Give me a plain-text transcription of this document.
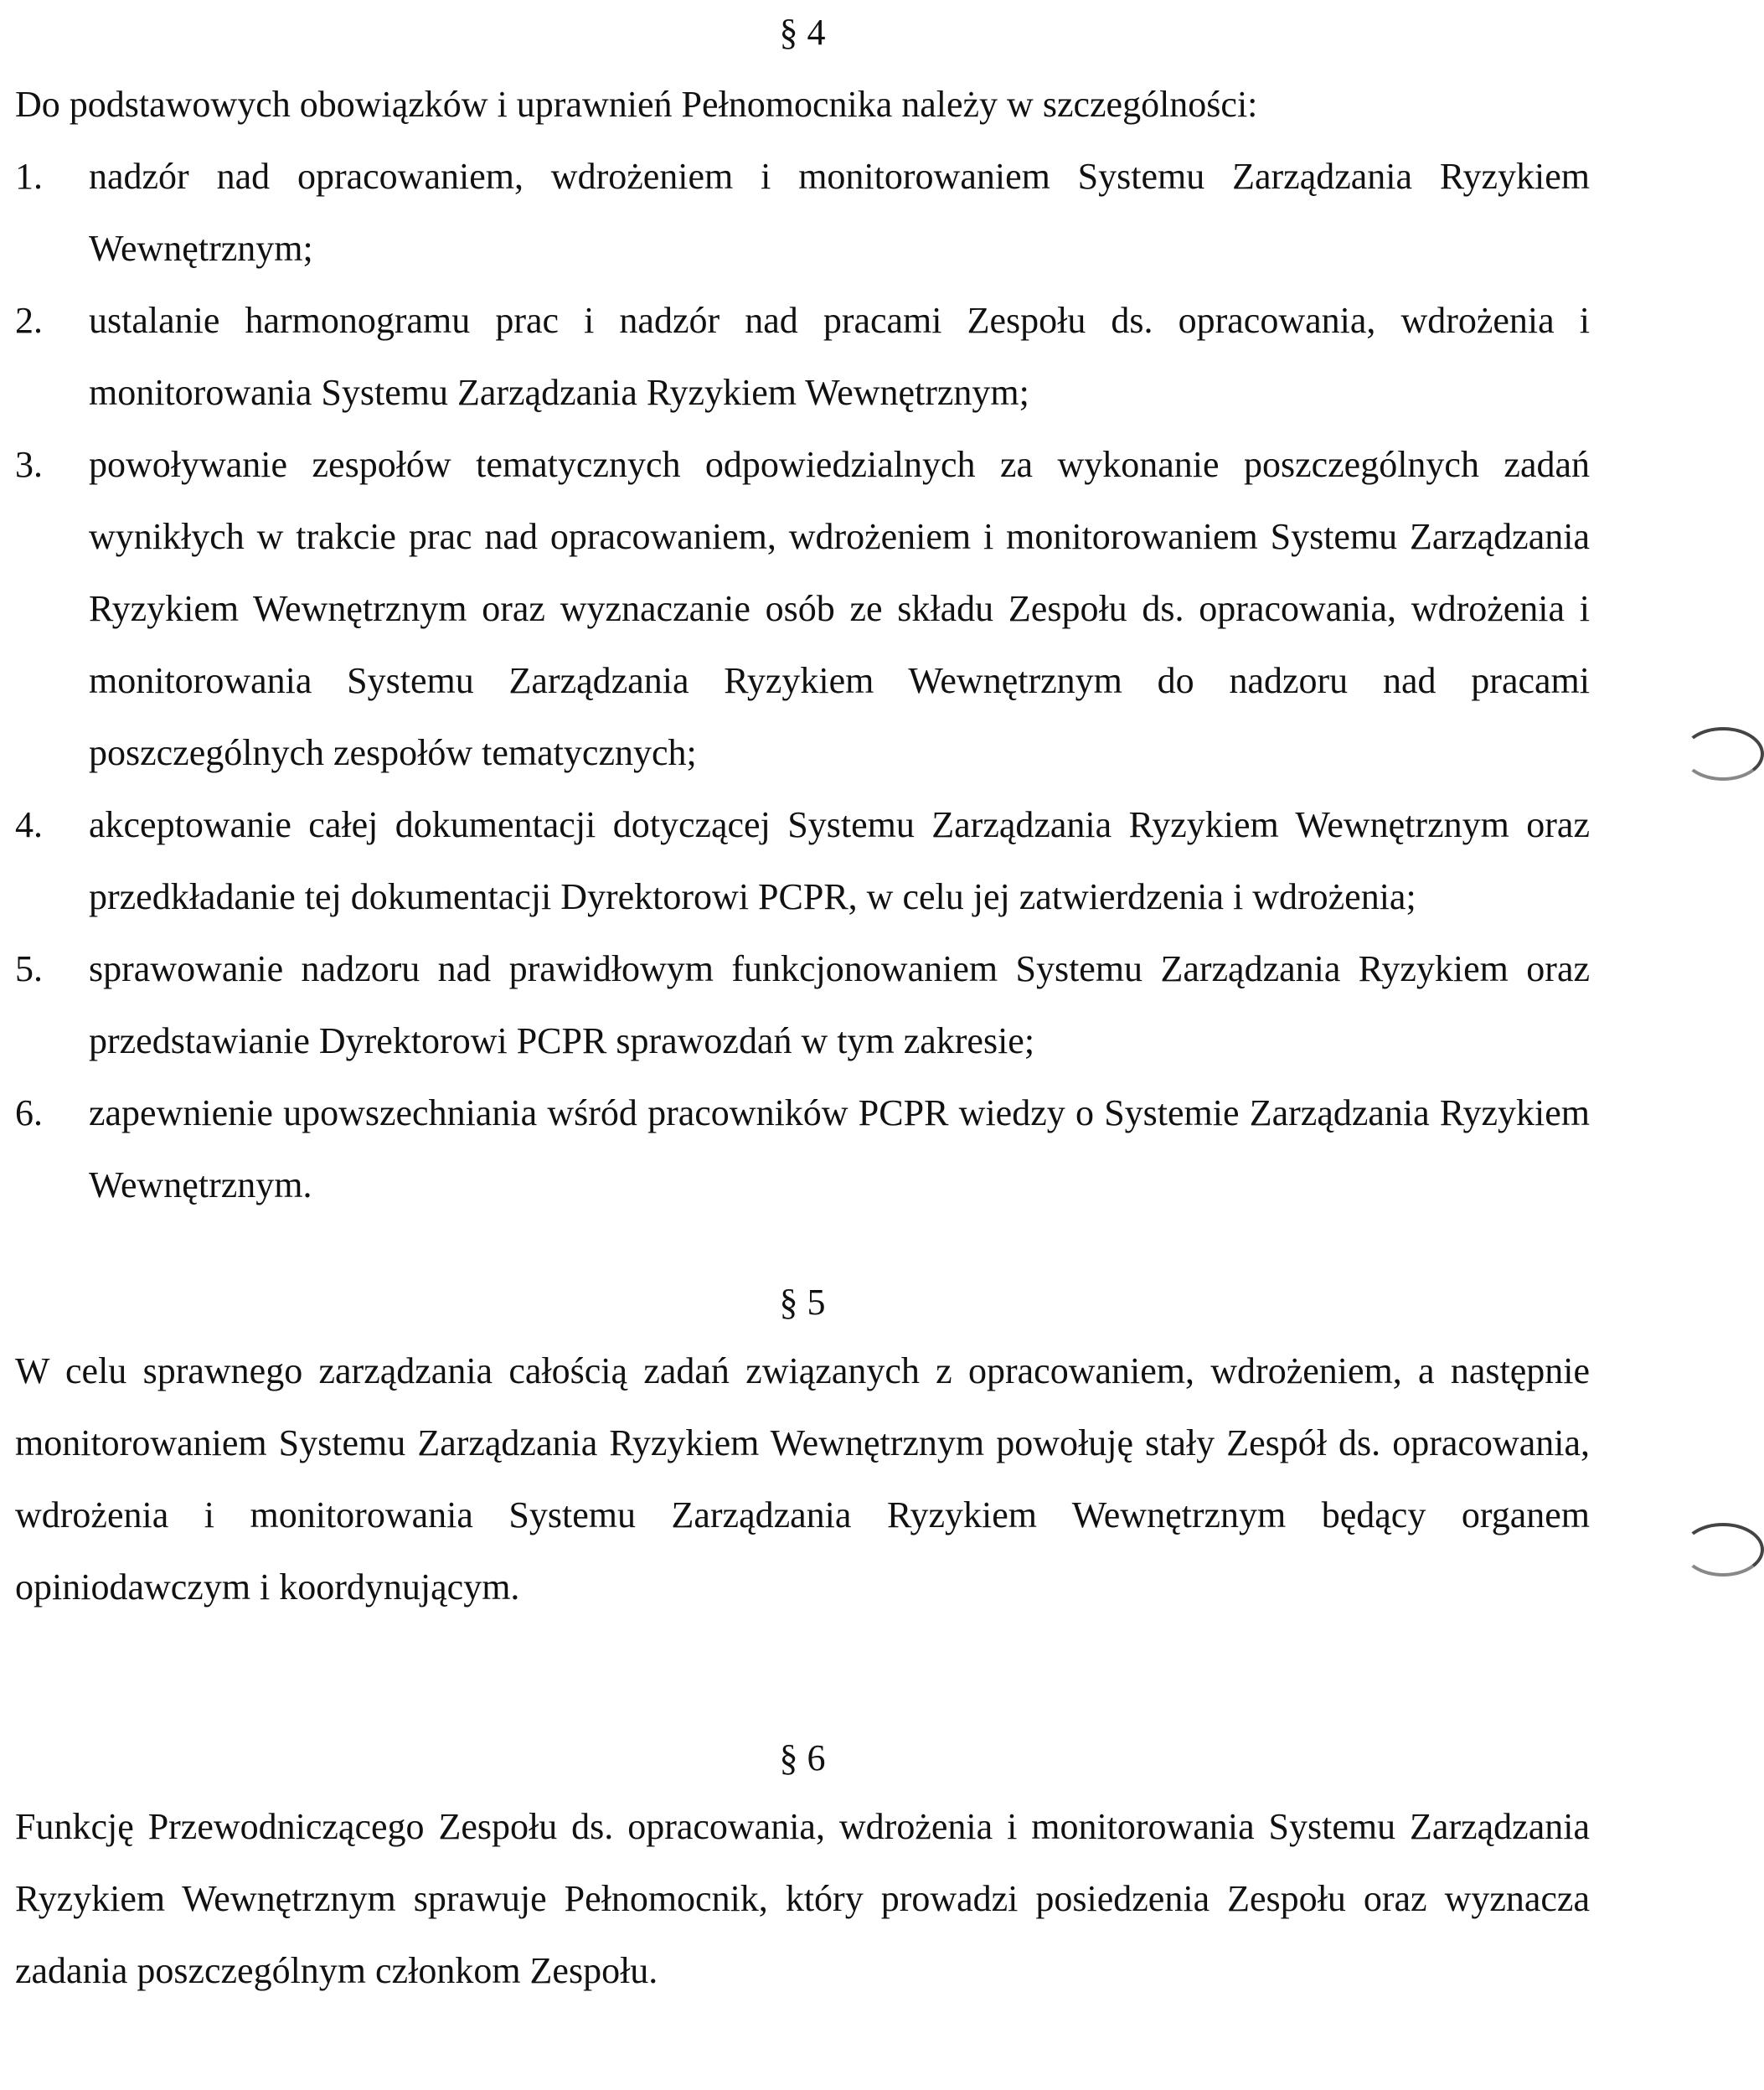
§ 4

Do podstawowych obowiązków i uprawnień Pełnomocnika należy w szczególności:

1. nadzór nad opracowaniem, wdrożeniem i monitorowaniem Systemu Zarządzania Ryzykiem Wewnętrznym;
2. ustalanie harmonogramu prac i nadzór nad pracami Zespołu ds. opracowania, wdrożenia i monitorowania Systemu Zarządzania Ryzykiem Wewnętrznym;
3. powoływanie zespołów tematycznych odpowiedzialnych za wykonanie poszczególnych zadań wynikłych w trakcie prac nad opracowaniem, wdrożeniem i monitorowaniem Systemu Zarządzania Ryzykiem Wewnętrznym oraz wyznaczanie osób ze składu Zespołu ds. opracowania, wdrożenia i monitorowania Systemu Zarządzania Ryzykiem Wewnętrznym do nadzoru nad pracami poszczególnych zespołów tematycznych;
4. akceptowanie całej dokumentacji dotyczącej Systemu Zarządzania Ryzykiem Wewnętrznym oraz przedkładanie tej dokumentacji Dyrektorowi PCPR, w celu jej zatwierdzenia i wdrożenia;
5. sprawowanie nadzoru nad prawidłowym funkcjonowaniem Systemu Zarządzania Ryzykiem oraz przedstawianie Dyrektorowi PCPR sprawozdań w tym zakresie;
6. zapewnienie upowszechniania wśród pracowników PCPR wiedzy o Systemie Zarządzania Ryzykiem Wewnętrznym.
§ 5

W celu sprawnego zarządzania całością zadań związanych z opracowaniem, wdrożeniem, a następnie monitorowaniem Systemu Zarządzania Ryzykiem Wewnętrznym powołuję stały Zespół ds. opracowania, wdrożenia i monitorowania Systemu Zarządzania Ryzykiem Wewnętrznym będący organem opiniodawczym i koordynującym.

§ 6

Funkcję Przewodniczącego Zespołu ds. opracowania, wdrożenia i monitorowania Systemu Zarządzania Ryzykiem Wewnętrznym sprawuje Pełnomocnik, który prowadzi posiedzenia Zespołu oraz wyznacza zadania poszczególnym członkom Zespołu.
